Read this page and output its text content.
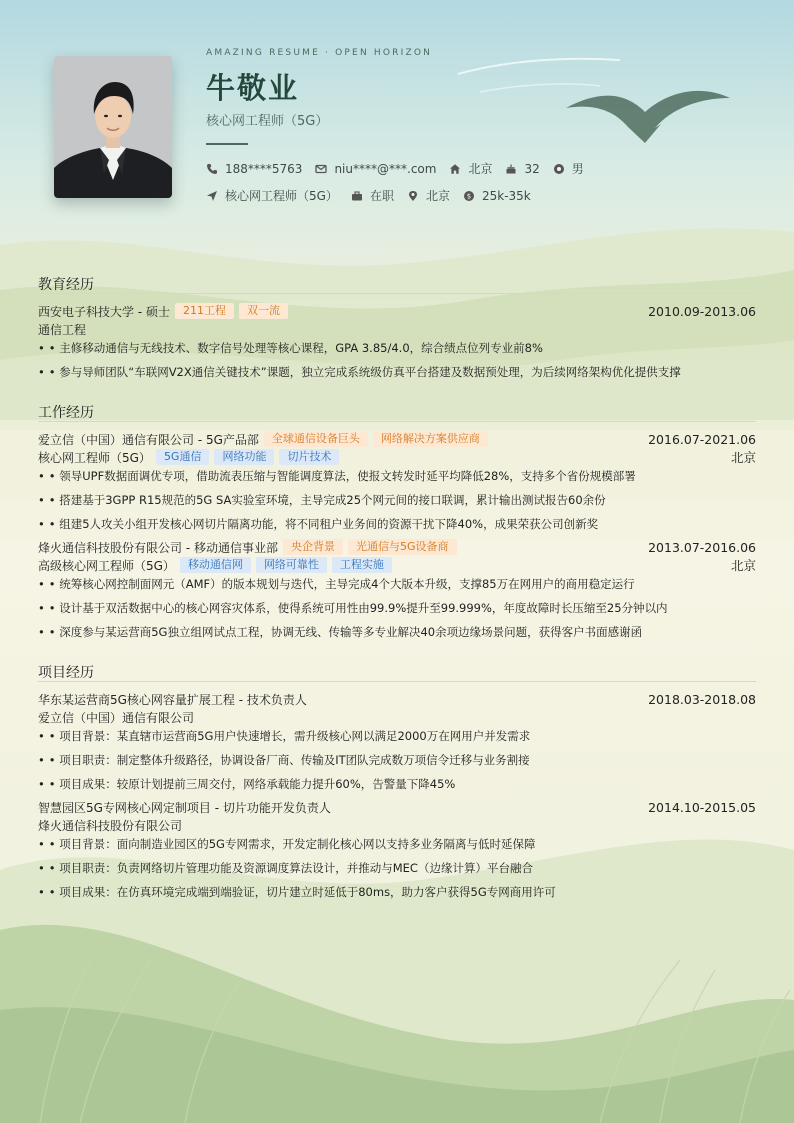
AMAZING RESUME · OPEN HORIZON
牛敬业
核心网工程师（5G）
188****5763	niu****@***.com	北京	32	男
核心网工程师（5G）	在职	北京 $ 25k-35k
教育经历
西安电子科技大学 - 硕士	211工程	双一流	2010.09-2013.06
通信工程
• • 主修移动通信与无线技术、数字信号处理等核心课程，GPA 3.85/4.0，综合绩点位列专业前8%
• • 参与导师团队“车联网V2X通信关键技术”课题，独立完成系统级仿真平台搭建及数据预处理，为后续网络架构优化提供支撑
工作经历
爱立信（中国）通信有限公司 - 5G产品部	全球通信设备巨头	网络解决方案供应商	2016.07-2021.06
核心网工程师（5G）	5G通信	网络功能	切片技术	北京
• • 领导UPF数据面调优专项，借助流表压缩与智能调度算法，使报文转发时延平均降低28%，支持多个省份规模部署
• • 搭建基于3GPP R15规范的5G SA实验室环境，主导完成25个网元间的接口联调，累计输出测试报告60余份
• • 组建5人攻关小组开发核心网切片隔离功能，将不同租户业务间的资源干扰下降40%，成果荣获公司创新奖
烽火通信科技股份有限公司 - 移动通信事业部	央企背景	光通信与5G设备商	2013.07-2016.06
高级核心网工程师（5G）	移动通信网	网络可靠性	工程实施	北京
• • 统筹核心网控制面网元（AMF）的版本规划与迭代，主导完成4个大版本升级，支撑85万在网用户的商用稳定运行
• • 设计基于双活数据中心的核心网容灾体系，使得系统可用性由99.9%提升至99.999%，年度故障时长压缩至25分钟以内
• • 深度参与某运营商5G独立组网试点工程，协调无线、传输等多专业解决40余项边缘场景问题，获得客户书面感谢函
项目经历
华东某运营商5G核心网容量扩展工程 - 技术负责人	2018.03-2018.08
爱立信（中国）通信有限公司
• • 项目背景：某直辖市运营商5G用户快速增长，需升级核心网以满足2000万在网用户并发需求
• • 项目职责：制定整体升级路径，协调设备厂商、传输及IT团队完成数万项信令迁移与业务割接
• • 项目成果：较原计划提前三周交付，网络承载能力提升60%，告警量下降45%
智慧园区5G专网核心网定制项目 - 切片功能开发负责人	2014.10-2015.05
烽火通信科技股份有限公司
• • 项目背景：面向制造业园区的5G专网需求，开发定制化核心网以支持多业务隔离与低时延保障
• • 项目职责：负责网络切片管理功能及资源调度算法设计，并推动与MEC（边缘计算）平台融合
• • 项目成果：在仿真环境完成端到端验证，切片建立时延低于80ms，助力客户获得5G专网商用许可
